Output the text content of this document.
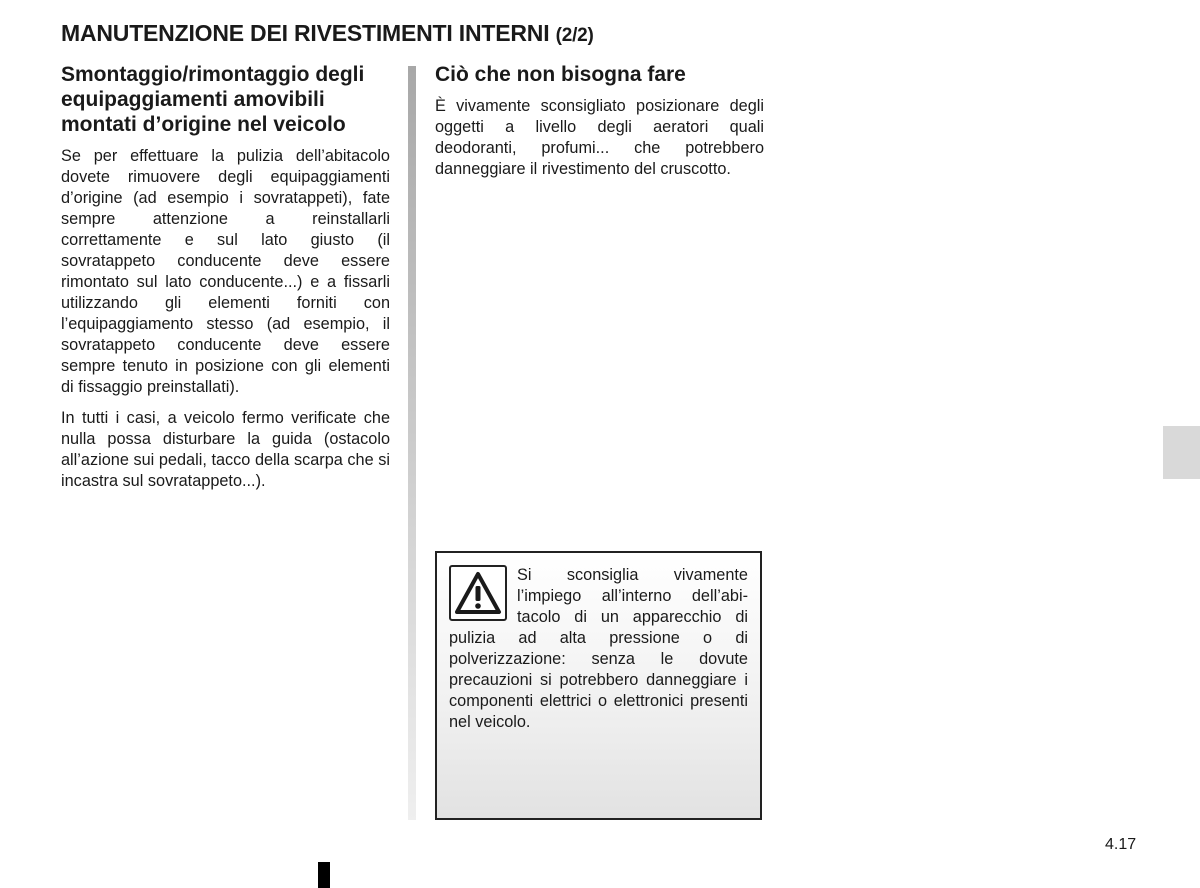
MANUTENZIONE DEI RIVESTIMENTI INTERNI (2/2)
Smontaggio/rimontaggio degli equipaggiamenti amovibili montati d’origine nel veicolo

Se per effettuare la pulizia dell’abitacolo dovete rimuovere degli equipaggiamenti d’origine (ad esempio i sovratappeti), fate sempre attenzione a reinstallarli correttamente e sul lato giusto (il sovratappeto conducente deve essere rimontato sul lato conducente...) e a fissarli utilizzando gli elementi forniti con l’equipaggiamento stesso (ad esempio, il sovratappeto conducente deve essere sempre tenuto in posizione con gli elementi di fissaggio preinstallati).

In tutti i casi, a veicolo fermo verificate che nulla possa disturbare la guida (ostacolo all’azione sui pedali, tacco della scarpa che si incastra sul sovratappeto...).

Ciò che non bisogna fare

È vivamente sconsigliato posizionare degli oggetti a livello degli aeratori quali deodoranti, profumi... che potrebbero danneggiare il rivestimento del cruscotto.

Si sconsiglia vivamente l’impiego all’interno dell’abitacolo di un apparecchio di pulizia ad alta pressione o di polverizzazione: senza le dovute precauzioni si potrebbero danneggiare i componenti elettrici o elettronici presenti nel veicolo.

4.17
